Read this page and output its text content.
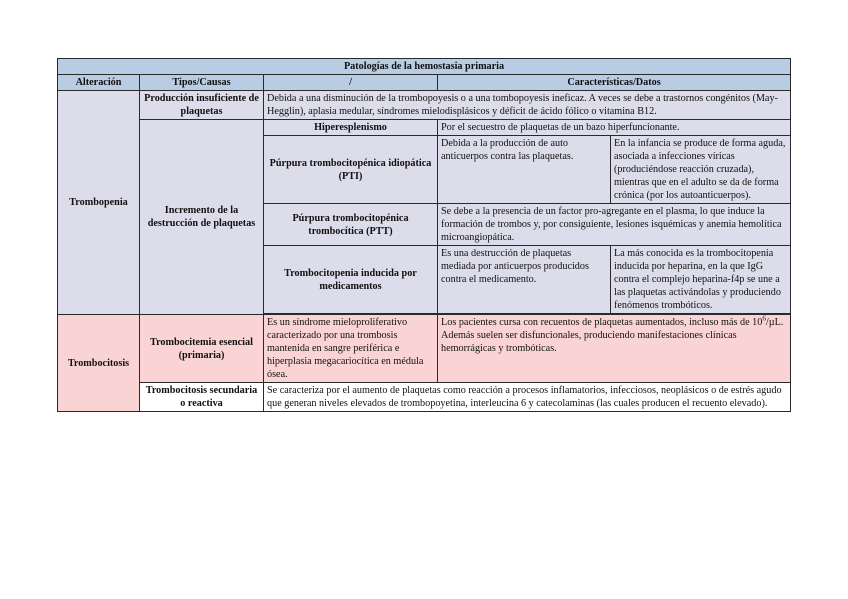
Patologías de la hemostasia primaria				
Alteración	Tipos/Causas	/	Características/Datos	
Trombopenia	Producción insuficiente de plaquetas	Debida a una disminución de la trombopoyesis o a una tombopoyesis ineficaz. A veces se debe a trastornos congénitos (May-Hegglin), aplasia medular, síndromes mielodisplásicos y déficit de ácido fólico o vitamina B12.		
	Incremento de la destrucción de plaquetas	Hiperesplenismo	Por el secuestro de plaquetas de un bazo hiperfuncionante.	
		Púrpura trombocitopénica idiopática (PTI)	Debida a la producción de auto anticuerpos contra las plaquetas.	En la infancia se produce de forma aguda, asociada a infecciones víricas (produciéndose reacción cruzada), mientras que en el adulto se da de forma crónica (por los autoanticuerpos).
		Púrpura trombocitopénica trombocítica (PTT)	Se debe a la presencia de un factor pro-agregante en el plasma, lo que induce la formación de trombos y, por consiguiente, lesiones isquémicas y anemia hemolítica microangiopática.	
		Trombocitopenia inducida por medicamentos	Es una destrucción de plaquetas mediada por anticuerpos producidos contra el medicamento.	La más conocida es la trombocitopenia inducida por heparina, en la que IgG contra el complejo heparina-f4p se une a las plaquetas activándolas y produciendo fenómenos trombóticos.

Trombocitosis	Trombocitemia esencial (primaria)	Es un síndrome mieloproliferativo caracterizado por una trombosis mantenida en sangre periférica e hiperplasia megacariocítica en médula ósea.	Los pacientes cursa con recuentos de plaquetas aumentados, incluso más de $10^6/\mu L$. Además suelen ser disfuncionales, produciendo manifestaciones clínicas hemorrágicas y trombóticas.	
	Trombocitosis secundaria o reactiva	Se caracteriza por el aumento de plaquetas como reacción a procesos inflamatorios, infecciosos, neoplásicos o de estrés agudo que generan niveles elevados de trombopoyetina, interleucina 6 y catecolaminas (las cuales producen el recuento elevado).		
